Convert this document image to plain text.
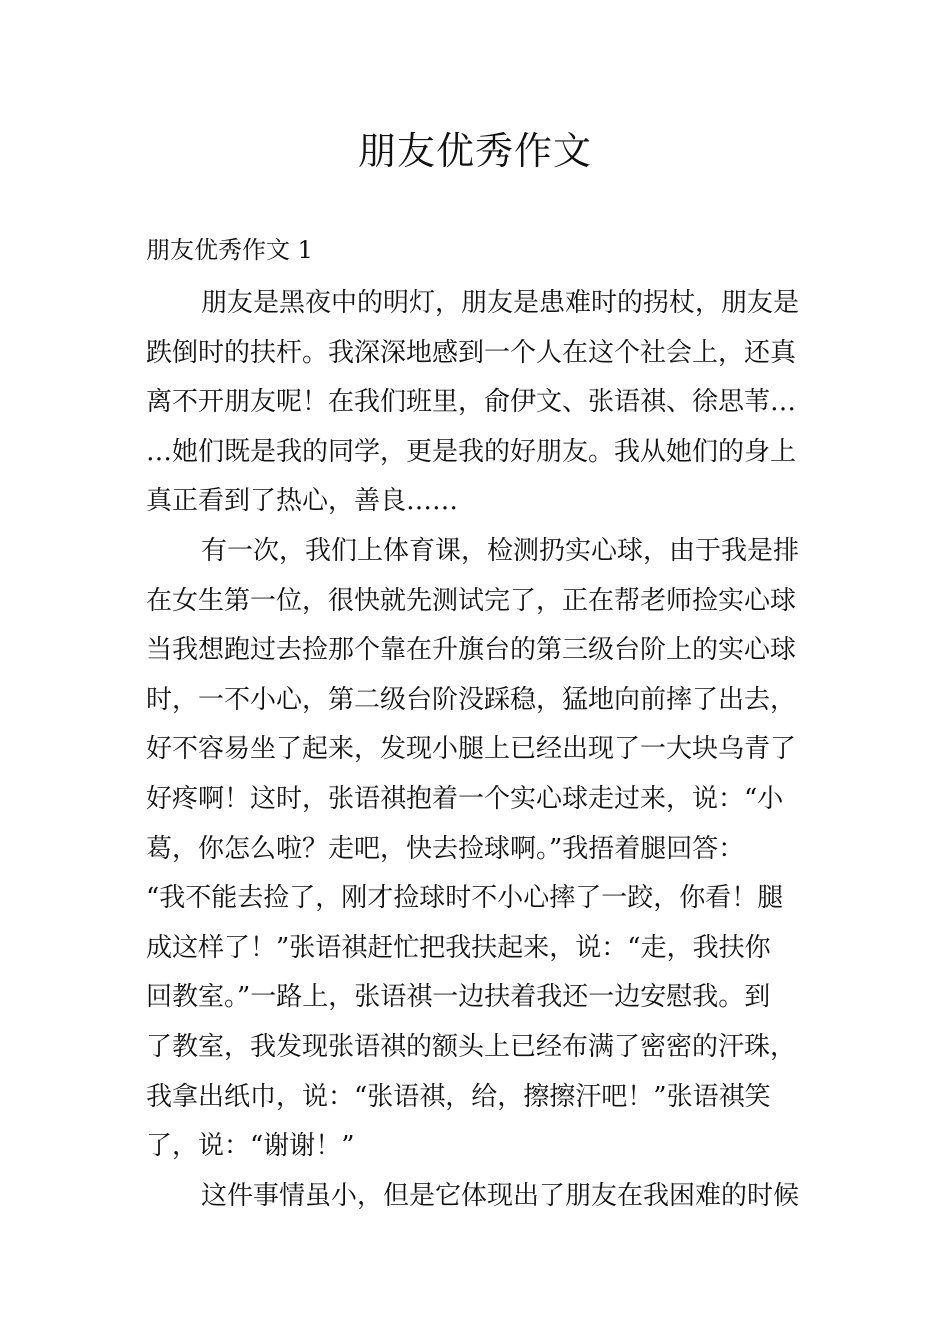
朋友优秀作文
朋友优秀作文 1
朋友是黑夜中的明灯，朋友是患难时的拐杖，朋友是
跌倒时的扶杆。我深深地感到一个人在这个社会上，还真
离不开朋友呢！在我们班里，俞伊文、张语祺、徐思苇…
…她们既是我的同学，更是我的好朋友。我从她们的身上
真正看到了热心，善良……
有一次，我们上体育课，检测扔实心球，由于我是排
在女生第一位，很快就先测试完了，正在帮老师捡实心球
当我想跑过去捡那个靠在升旗台的第三级台阶上的实心球
时，一不小心，第二级台阶没踩稳，猛地向前摔了出去，
好不容易坐了起来，发现小腿上已经出现了一大块乌青了
好疼啊！这时，张语祺抱着一个实心球走过来，说：“小
葛，你怎么啦？走吧，快去捡球啊。”我捂着腿回答：
“我不能去捡了，刚才捡球时不小心摔了一跤，你看！腿
成这样了！”张语祺赶忙把我扶起来，说：“走，我扶你
回教室。”一路上，张语祺一边扶着我还一边安慰我。到
了教室，我发现张语祺的额头上已经布满了密密的汗珠，
我拿出纸巾，说：“张语祺，给，擦擦汗吧！”张语祺笑
了，说：“谢谢！”
这件事情虽小，但是它体现出了朋友在我困难的时候
